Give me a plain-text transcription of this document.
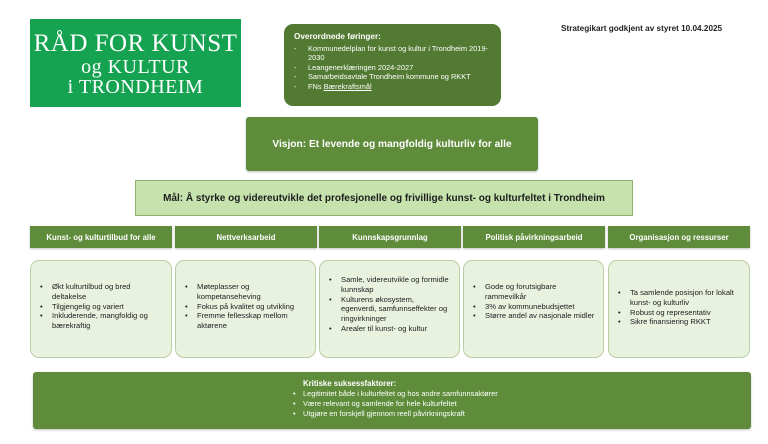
RÅD FOR KUNST
og KULTUR
i TRONDHEIM
Overordnede føringer:
- Kommunedelplan for kunst og kultur i Trondheim 2019-2030
- Leangenerklæringen 2024-2027
- Samarbeidsavtale Trondheim kommune og RKKT
- FNs Bærekraftsmål
Strategikart godkjent av styret 10.04.2025
Visjon: Et levende og mangfoldig kulturliv for alle
Mål: Å styrke og videreutvikle det profesjonelle og frivillige kunst- og kulturfeltet i Trondheim
Kunst- og kulturtilbud for alle	Nettverksarbeid	Kunnskapsgrunnlag	Politisk påvirkningsarbeid	Organisasjon og ressurser
• Økt kulturtilbud og bred deltakelse
• Tilgjengelig og variert
• Inkluderende, mangfoldig og bærekraftig
• Møteplasser og kompetanseheving
• Fokus på kvalitet og utvikling
• Fremme fellesskap mellom aktørene
• Samle, videreutvikle og formidle kunnskap
• Kulturens økosystem, egenverdi, samfunnseffekter og ringvirkninger
• Arealer til kunst- og kultur
• Gode og forutsigbare rammevilkår
• 3% av kommunebudsjettet
• Større andel av nasjonale midler
• Ta samlende posisjon for lokalt kunst- og kulturliv
• Robust og representativ
• Sikre finansiering RKKT
Kritiske suksessfaktorer:
• Legitimitet både i kulturfeltet og hos andre samfunnsaktører
• Være relevant og samlende for hele kulturfeltet
• Utgjøre en forskjell gjennom reell påvirkningskraft
